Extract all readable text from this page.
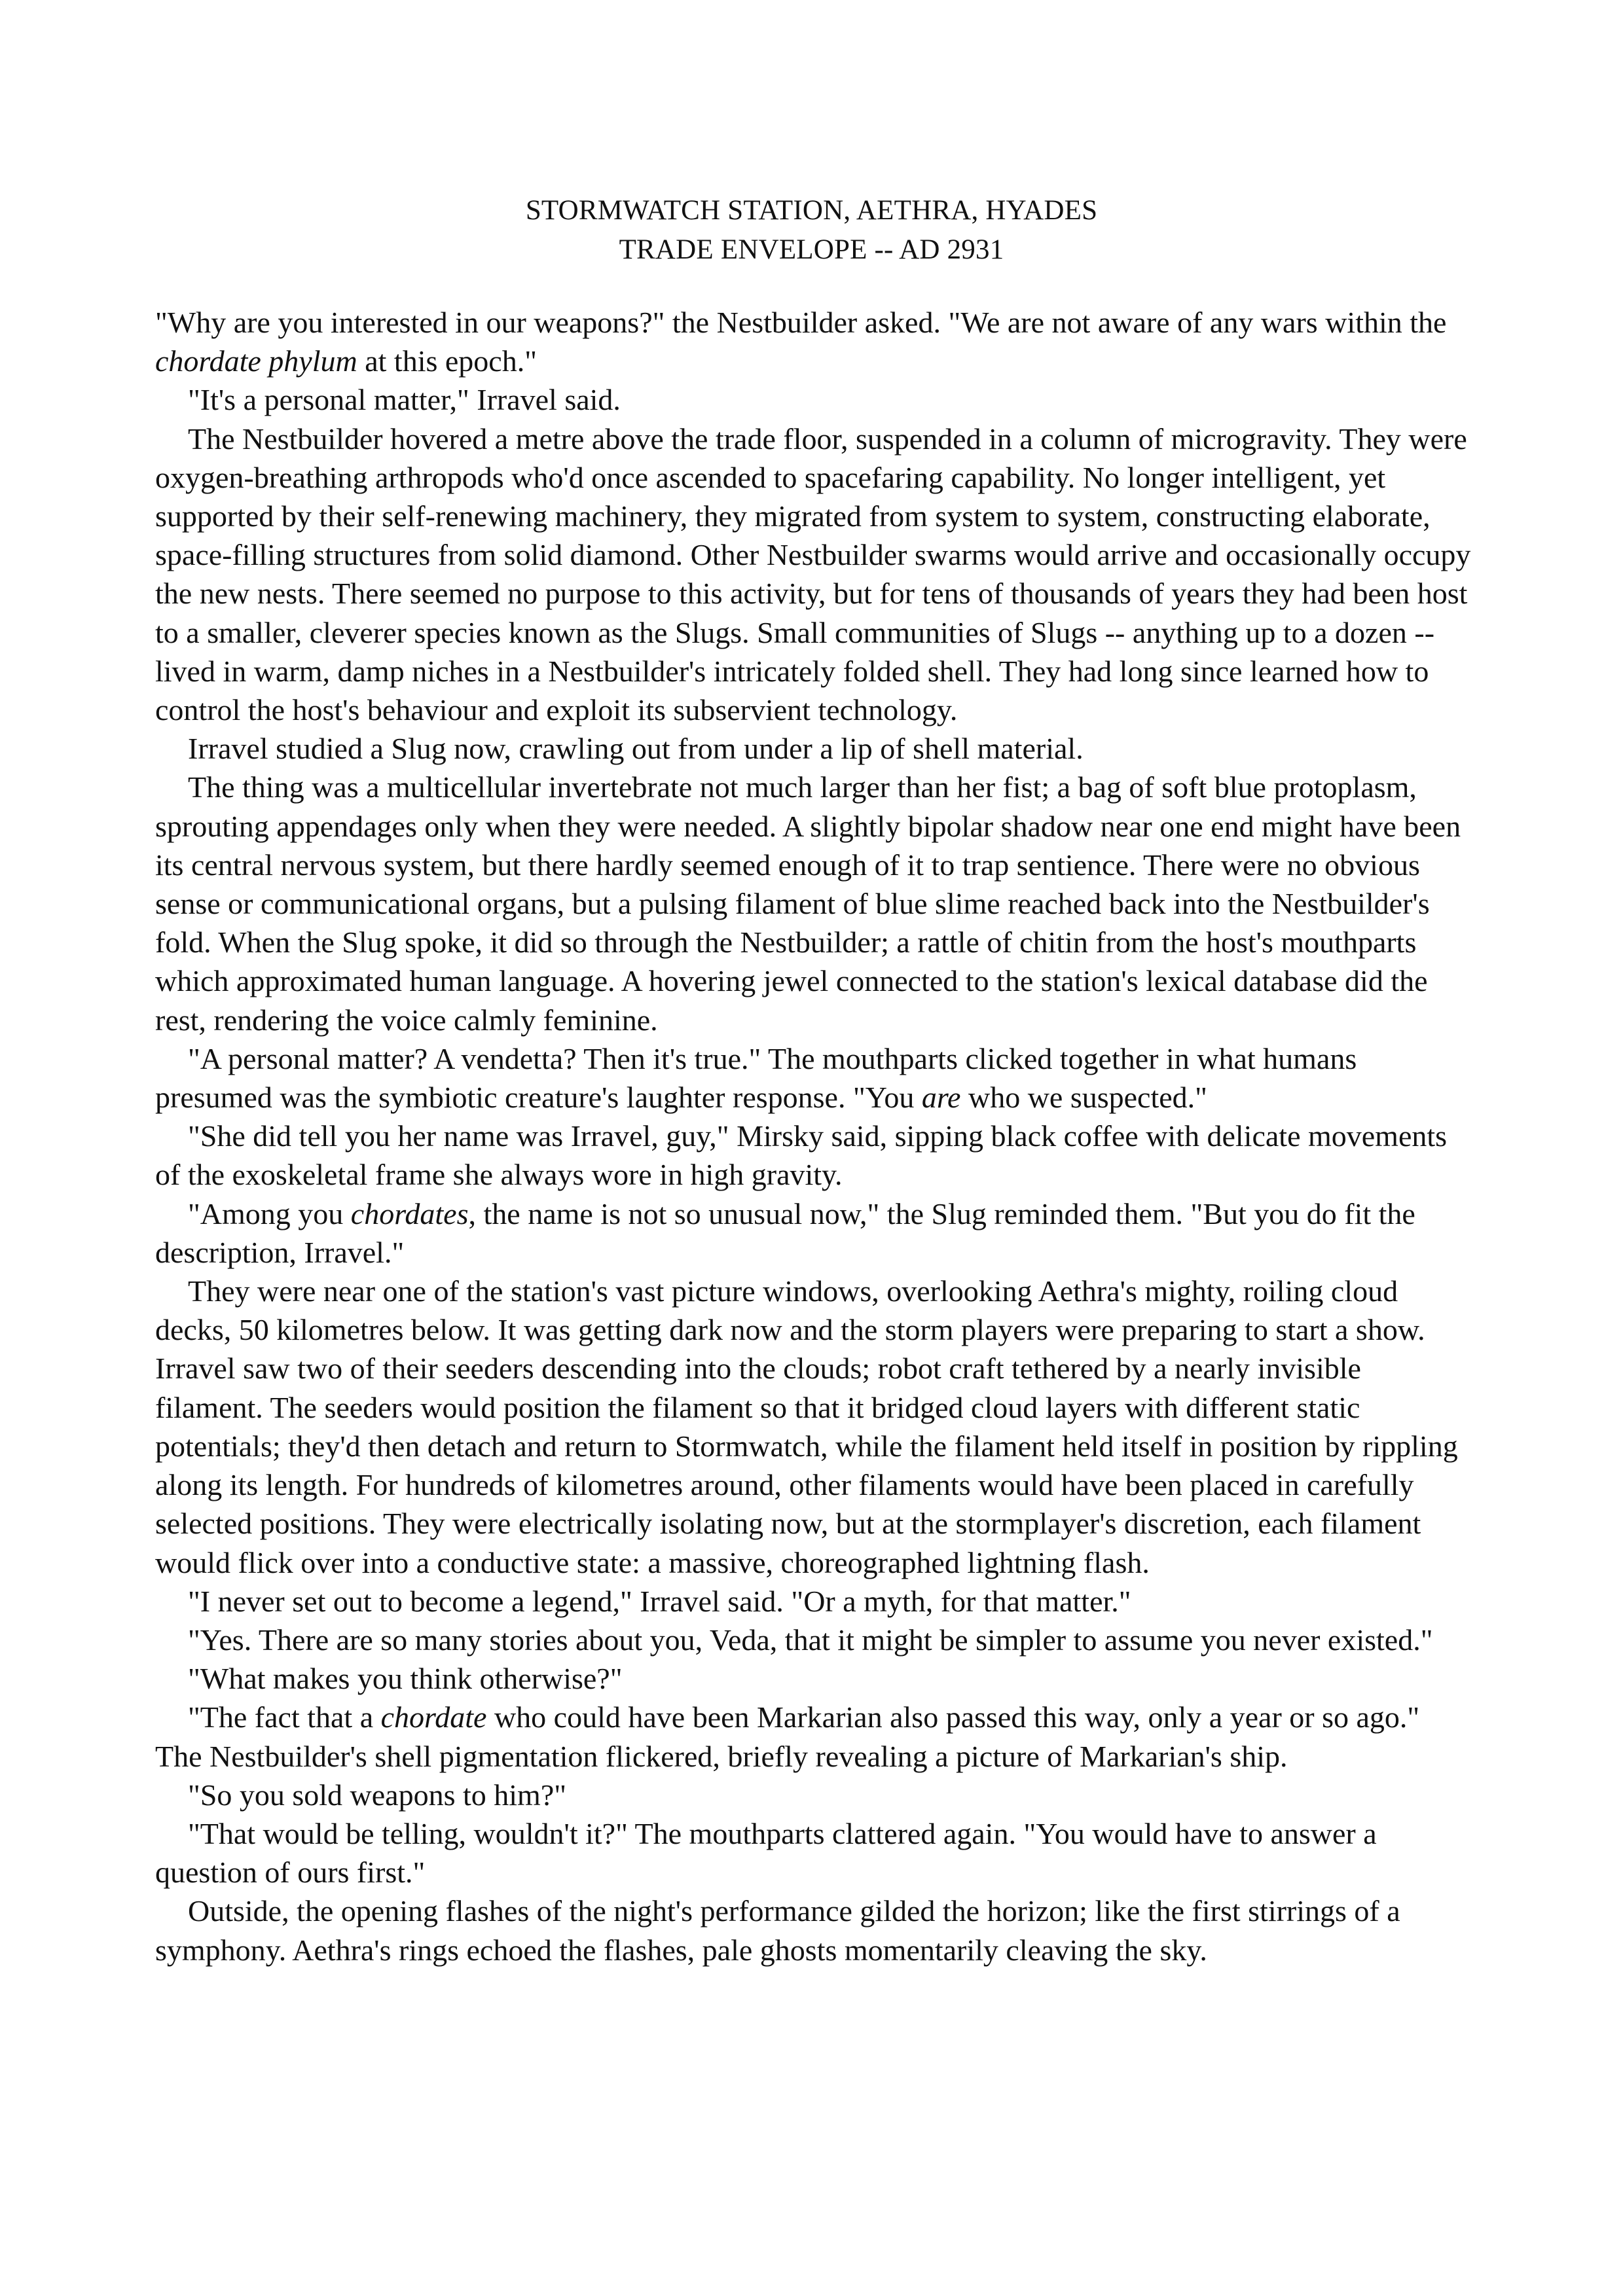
STORMWATCH STATION, AETHRA, HYADES
TRADE ENVELOPE -- AD 2931

"Why are you interested in our weapons?" the Nestbuilder asked. "We are not aware of any wars within the chordate phylum at this epoch."

"It's a personal matter," Irravel said.

The Nestbuilder hovered a metre above the trade floor, suspended in a column of microgravity. They were oxygen-breathing arthropods who'd once ascended to spacefaring capability. No longer intelligent, yet supported by their self-renewing machinery, they migrated from system to system, constructing elaborate, space-filling structures from solid diamond. Other Nestbuilder swarms would arrive and occasionally occupy the new nests. There seemed no purpose to this activity, but for tens of thousands of years they had been host to a smaller, cleverer species known as the Slugs. Small communities of Slugs -- anything up to a dozen -- lived in warm, damp niches in a Nestbuilder's intricately folded shell. They had long since learned how to control the host's behaviour and exploit its subservient technology.

Irravel studied a Slug now, crawling out from under a lip of shell material.

The thing was a multicellular invertebrate not much larger than her fist; a bag of soft blue protoplasm, sprouting appendages only when they were needed. A slightly bipolar shadow near one end might have been its central nervous system, but there hardly seemed enough of it to trap sentience. There were no obvious sense or communicational organs, but a pulsing filament of blue slime reached back into the Nestbuilder's fold. When the Slug spoke, it did so through the Nestbuilder; a rattle of chitin from the host's mouthparts which approximated human language. A hovering jewel connected to the station's lexical database did the rest, rendering the voice calmly feminine.

"A personal matter? A vendetta? Then it's true." The mouthparts clicked together in what humans presumed was the symbiotic creature's laughter response. "You are who we suspected."

"She did tell you her name was Irravel, guy," Mirsky said, sipping black coffee with delicate movements of the exoskeletal frame she always wore in high gravity.

"Among you chordates, the name is not so unusual now," the Slug reminded them. "But you do fit the description, Irravel."

They were near one of the station's vast picture windows, overlooking Aethra's mighty, roiling cloud decks, 50 kilometres below. It was getting dark now and the storm players were preparing to start a show. Irravel saw two of their seeders descending into the clouds; robot craft tethered by a nearly invisible filament. The seeders would position the filament so that it bridged cloud layers with different static potentials; they'd then detach and return to Stormwatch, while the filament held itself in position by rippling along its length. For hundreds of kilometres around, other filaments would have been placed in carefully selected positions. They were electrically isolating now, but at the stormplayer's discretion, each filament would flick over into a conductive state: a massive, choreographed lightning flash.

"I never set out to become a legend," Irravel said. "Or a myth, for that matter."

"Yes. There are so many stories about you, Veda, that it might be simpler to assume you never existed."

"What makes you think otherwise?"

"The fact that a chordate who could have been Markarian also passed this way, only a year or so ago." The Nestbuilder's shell pigmentation flickered, briefly revealing a picture of Markarian's ship.

"So you sold weapons to him?"

"That would be telling, wouldn't it?" The mouthparts clattered again. "You would have to answer a question of ours first."

Outside, the opening flashes of the night's performance gilded the horizon; like the first stirrings of a symphony. Aethra's rings echoed the flashes, pale ghosts momentarily cleaving the sky.
